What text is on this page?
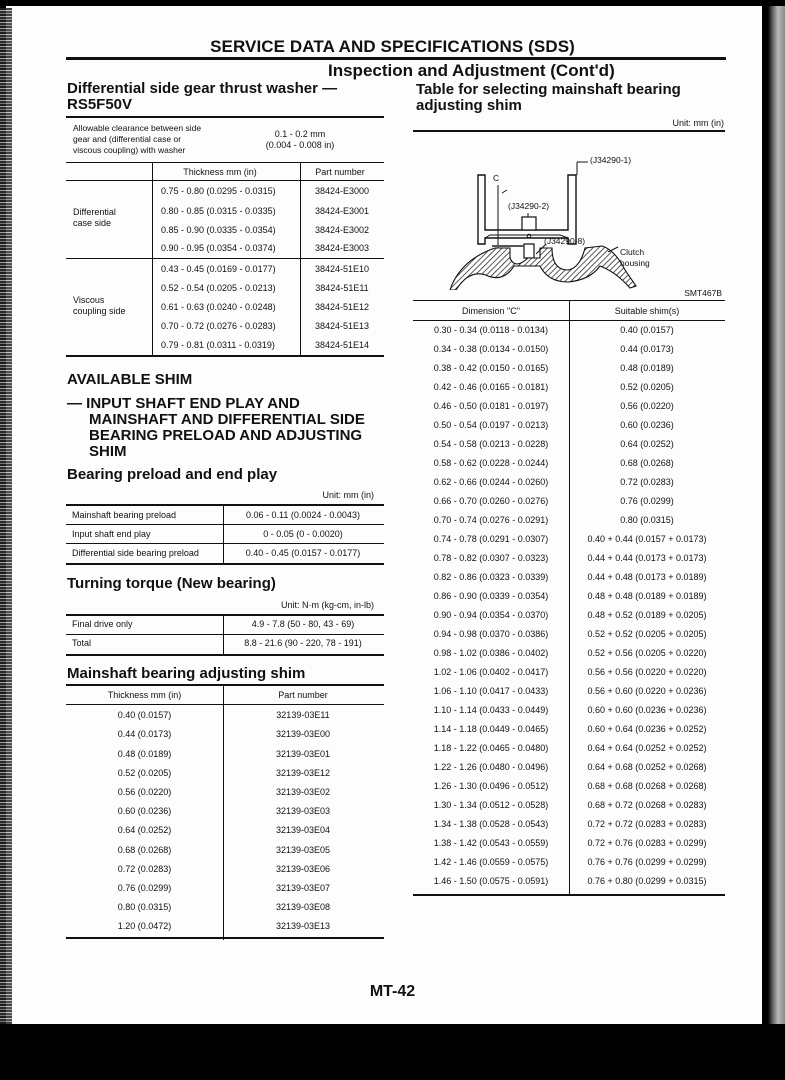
SERVICE DATA AND SPECIFICATIONS (SDS)
Inspection and Adjustment (Cont'd)
Differential side gear thrust washer —
RS5F50V
Allowable clearance between side
gear and (differential case or
viscous coupling) with washer
0.1 - 0.2 mm
(0.004 - 0.008 in)
Thickness mm (in)	Part number
Differential
case side
0.75 - 0.80 (0.0295 - 0.0315)	38424-E3000
0.80 - 0.85 (0.0315 - 0.0335)	38424-E3001
0.85 - 0.90 (0.0335 - 0.0354)	38424-E3002
0.90 - 0.95 (0.0354 - 0.0374)	38424-E3003
Viscous
coupling side
0.43 - 0.45 (0.0169 - 0.0177)	38424-51E10
0.52 - 0.54 (0.0205 - 0.0213)	38424-51E11
0.61 - 0.63 (0.0240 - 0.0248)	38424-51E12
0.70 - 0.72 (0.0276 - 0.0283)	38424-51E13
0.79 - 0.81 (0.0311 - 0.0319)	38424-51E14
AVAILABLE SHIM
— INPUT SHAFT END PLAY AND
MAINSHAFT AND DIFFERENTIAL SIDE
BEARING PRELOAD AND ADJUSTING
SHIM
Bearing preload and end play
Unit: mm (in)
Mainshaft bearing preload	0.06 - 0.11 (0.0024 - 0.0043)
Input shaft end play	0 - 0.05 (0 - 0.0020)
Differential side bearing preload	0.40 - 0.45 (0.0157 - 0.0177)
Turning torque (New bearing)
Unit: N·m (kg-cm, in-lb)
Final drive only	4.9 - 7.8 (50 - 80, 43 - 69)
Total	8.8 - 21.6 (90 - 220, 78 - 191)
Mainshaft bearing adjusting shim
Thickness mm (in)	Part number
0.40 (0.0157)	32139-03E11
0.44 (0.0173)	32139-03E00
0.48 (0.0189)	32139-03E01
0.52 (0.0205)	32139-03E12
0.56 (0.0220)	32139-03E02
0.60 (0.0236)	32139-03E03
0.64 (0.0252)	32139-03E04
0.68 (0.0268)	32139-03E05
0.72 (0.0283)	32139-03E06
0.76 (0.0299)	32139-03E07
0.80 (0.0315)	32139-03E08
1.20 (0.0472)	32139-03E13
Table for selecting mainshaft bearing
adjusting shim
Unit: mm (in)
(J34290-1)
C
(J34290-2)
(J34290-8)
Clutch
housing
SMT467B
Dimension "C"	Suitable shim(s)
0.30 - 0.34 (0.0118 - 0.0134)	0.40 (0.0157)
0.34 - 0.38 (0.0134 - 0.0150)	0.44 (0.0173)
0.38 - 0.42 (0.0150 - 0.0165)	0.48 (0.0189)
0.42 - 0.46 (0.0165 - 0.0181)	0.52 (0.0205)
0.46 - 0.50 (0.0181 - 0.0197)	0.56 (0.0220)
0.50 - 0.54 (0.0197 - 0.0213)	0.60 (0.0236)
0.54 - 0.58 (0.0213 - 0.0228)	0.64 (0.0252)
0.58 - 0.62 (0.0228 - 0.0244)	0.68 (0.0268)
0.62 - 0.66 (0.0244 - 0.0260)	0.72 (0.0283)
0.66 - 0.70 (0.0260 - 0.0276)	0.76 (0.0299)
0.70 - 0.74 (0.0276 - 0.0291)	0.80 (0.0315)
0.74 - 0.78 (0.0291 - 0.0307)	0.40 + 0.44 (0.0157 + 0.0173)
0.78 - 0.82 (0.0307 - 0.0323)	0.44 + 0.44 (0.0173 + 0.0173)
0.82 - 0.86 (0.0323 - 0.0339)	0.44 + 0.48 (0.0173 + 0.0189)
0.86 - 0.90 (0.0339 - 0.0354)	0.48 + 0.48 (0.0189 + 0.0189)
0.90 - 0.94 (0.0354 - 0.0370)	0.48 + 0.52 (0.0189 + 0.0205)
0.94 - 0.98 (0.0370 - 0.0386)	0.52 + 0.52 (0.0205 + 0.0205)
0.98 - 1.02 (0.0386 - 0.0402)	0.52 + 0.56 (0.0205 + 0.0220)
1.02 - 1.06 (0.0402 - 0.0417)	0.56 + 0.56 (0.0220 + 0.0220)
1.06 - 1.10 (0.0417 - 0.0433)	0.56 + 0.60 (0.0220 + 0.0236)
1.10 - 1.14 (0.0433 - 0.0449)	0.60 + 0.60 (0.0236 + 0.0236)
1.14 - 1.18 (0.0449 - 0.0465)	0.60 + 0.64 (0.0236 + 0.0252)
1.18 - 1.22 (0.0465 - 0.0480)	0.64 + 0.64 (0.0252 + 0.0252)
1.22 - 1.26 (0.0480 - 0.0496)	0.64 + 0.68 (0.0252 + 0.0268)
1.26 - 1.30 (0.0496 - 0.0512)	0.68 + 0.68 (0.0268 + 0.0268)
1.30 - 1.34 (0.0512 - 0.0528)	0.68 + 0.72 (0.0268 + 0.0283)
1.34 - 1.38 (0.0528 - 0.0543)	0.72 + 0.72 (0.0283 + 0.0283)
1.38 - 1.42 (0.0543 - 0.0559)	0.72 + 0.76 (0.0283 + 0.0299)
1.42 - 1.46 (0.0559 - 0.0575)	0.76 + 0.76 (0.0299 + 0.0299)
1.46 - 1.50 (0.0575 - 0.0591)	0.76 + 0.80 (0.0299 + 0.0315)
MT-42
